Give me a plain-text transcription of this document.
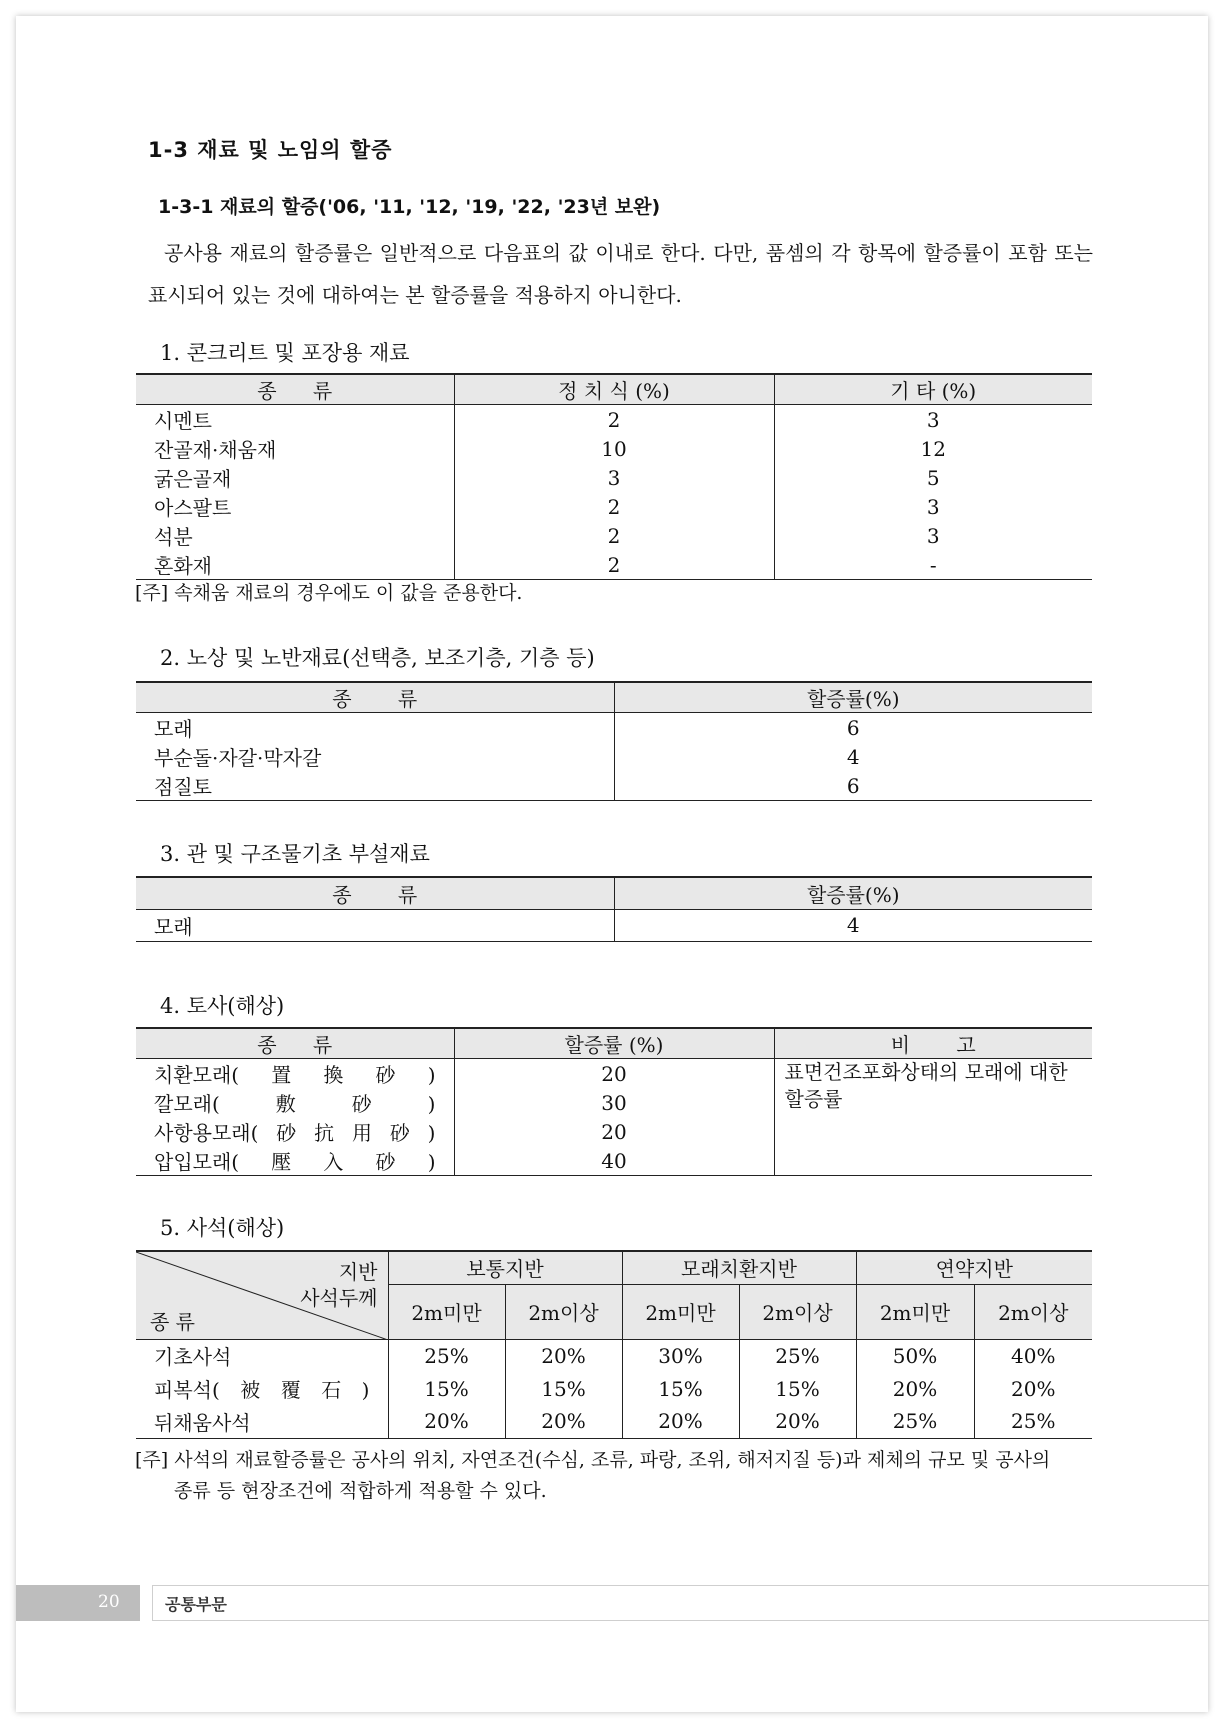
1-3 재료 및 노임의 할증
1-3-1 재료의 할증('06, '11, '12, '19, '22, '23년 보완)
공사용 재료의 할증률은 일반적으로 다음표의 값 이내로 한다. 다만, 품셈의 각 항목에 할증률이 포함 또는 표시되어 있는 것에 대하여는 본 할증률을 적용하지 아니한다.
1. 콘크리트 및 포장용 재료
종 류	정 치 식 (%)	기 타 (%)
시멘트	2	3
잔골재·채움재	10	12
굵은골재	3	5
아스팔트	2	3
석분	2	3
혼화재	2	-
[주] 속채움 재료의 경우에도 이 값을 준용한다.
2. 노상 및 노반재료(선택층, 보조기층, 기층 등)
종 류	할증률(%)
모래	6
부순돌·자갈·막자갈	4
점질토	6
3. 관 및 구조물기초 부설재료
종 류	할증률(%)
모래	4
4. 토사(해상)
종 류	할증률 (%)	비 고
치환모래(置換砂)	20	표면건조포화상태의 모래에 대한 할증률
깔모래(敷砂)	30	
사항용모래(砂抗用砂)	20	
압입모래(壓入砂)	40	
5. 사석(해상)
지반
사석두께
종 류	보통지반		모래치환지반		연약지반	
	2m미만	2m이상	2m미만	2m이상	2m미만	2m이상
기초사석	25%	20%	30%	25%	50%	40%
피복석(被覆石)	15%	15%	15%	15%	20%	20%
뒤채움사석	20%	20%	20%	20%	25%	25%
[주] 사석의 재료할증률은 공사의 위치, 자연조건(수심, 조류, 파랑, 조위, 해저지질 등)과 제체의 규모 및 공사의
종류 등 현장조건에 적합하게 적용할 수 있다.
20	공통부문
